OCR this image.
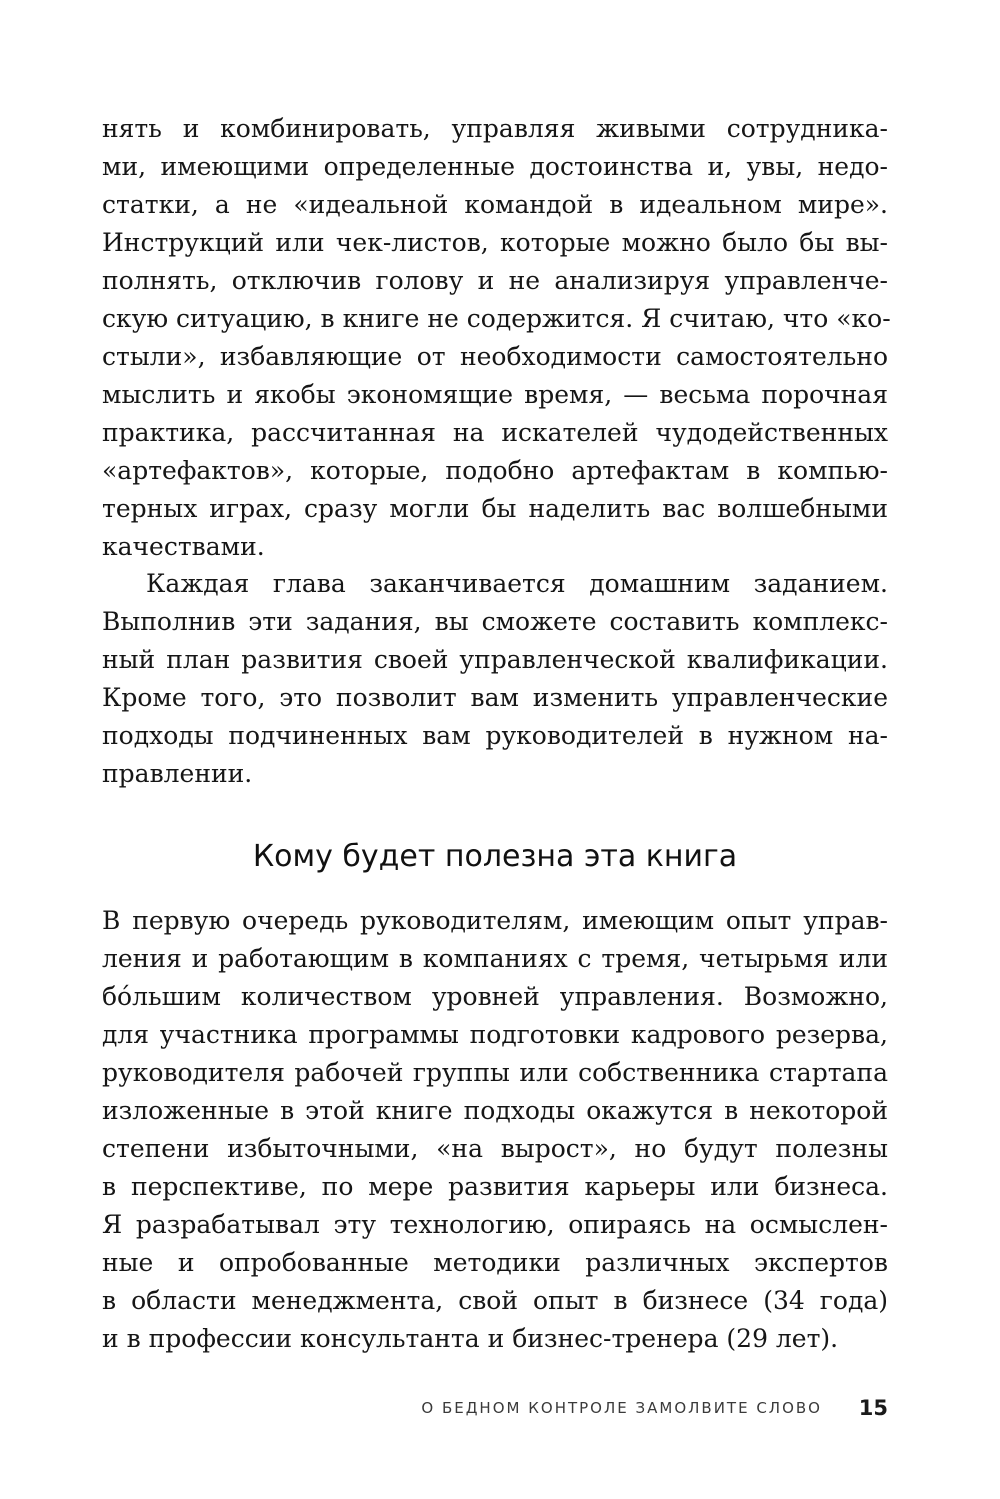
нять и комбинировать, управляя живыми сотрудника-
ми, имеющими определенные достоинства и, увы, недо-
статки, а не «идеальной командой в идеальном мире».
Инструкций или чек-листов, которые можно было бы вы-
полнять, отключив голову и не анализируя управленче-
скую ситуацию, в книге не содержится. Я считаю, что «ко-
стыли», избавляющие от необходимости самостоятельно
мыслить и якобы экономящие время, — весьма порочная
практика, рассчитанная на искателей чудодейственных
«артефактов», которые, подобно артефактам в компью-
терных играх, сразу могли бы наделить вас волшебными
качествами.
Каждая глава заканчивается домашним заданием.
Выполнив эти задания, вы сможете составить комплекс-
ный план развития своей управленческой квалификации.
Кроме того, это позволит вам изменить управленческие
подходы подчиненных вам руководителей в нужном на-
правлении.
Кому будет полезна эта книга
В первую очередь руководителям, имеющим опыт управ-
ления и работающим в компаниях с тремя, четырьмя или
бóльшим количеством уровней управления. Возможно,
для участника программы подготовки кадрового резерва,
руководителя рабочей группы или собственника стартапа
изложенные в этой книге подходы окажутся в некоторой
степени избыточными, «на вырост», но будут полезны
в перспективе, по мере развития карьеры или бизнеса.
Я разрабатывал эту технологию, опираясь на осмыслен-
ные и опробованные методики различных экспертов
в области менеджмента, свой опыт в бизнесе (34 года)
и в профессии консультанта и бизнес-тренера (29 лет).
О БЕДНОМ КОНТРОЛЕ ЗАМОЛВИТЕ СЛОВО 15
